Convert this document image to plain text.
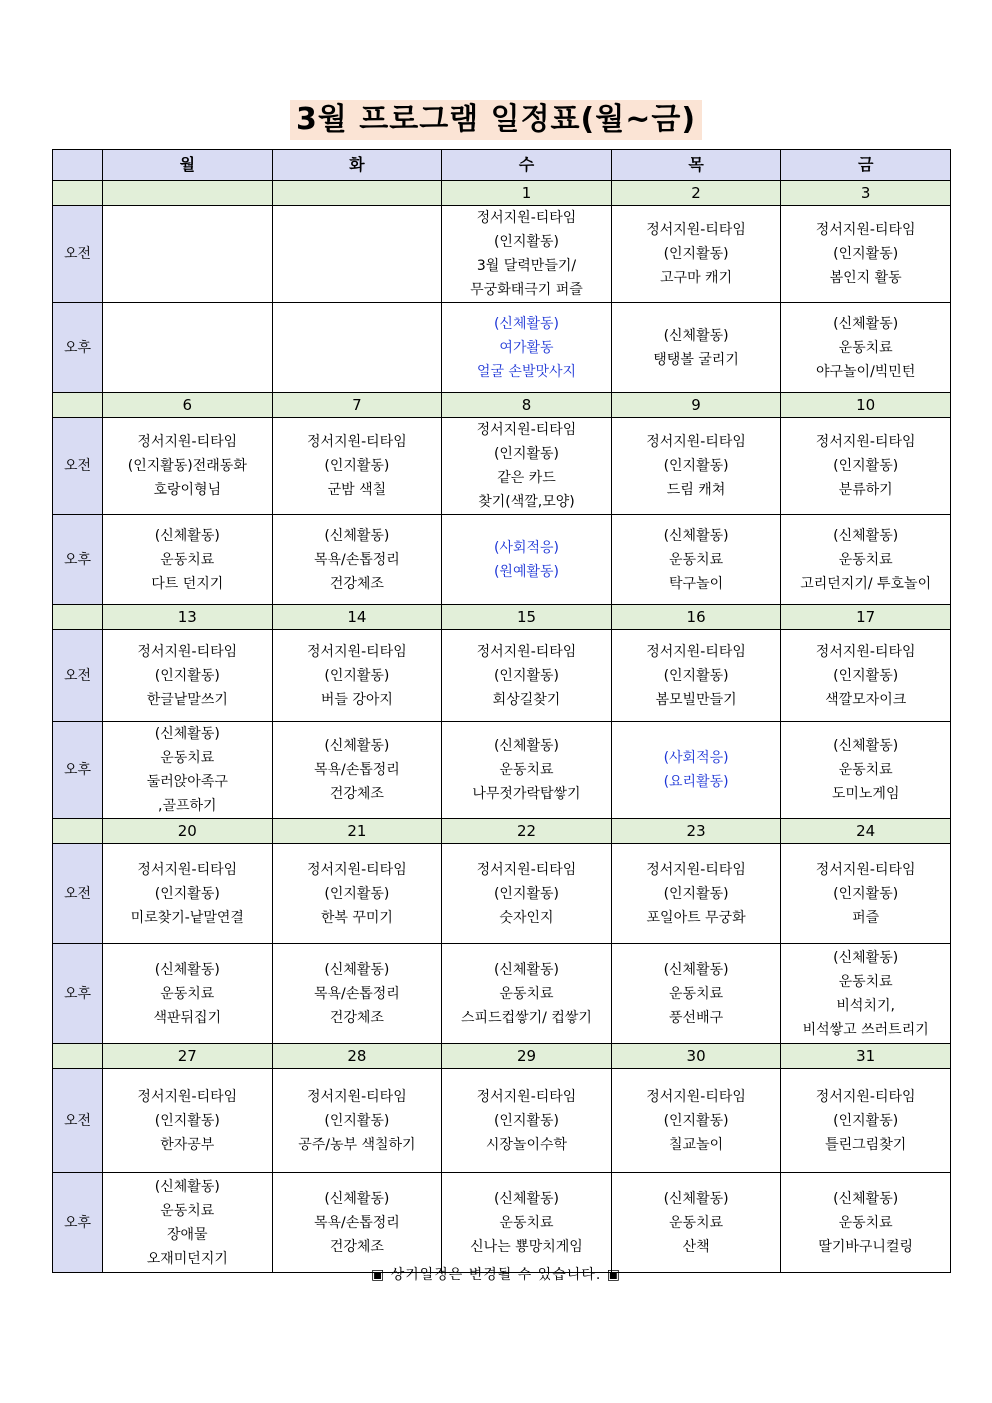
3월 프로그램 일정표(월~금)
	월	화	수	목	금
			1	2	3
오전			정서지원-티타임
(인지활동)
3월 달력만들기/
무궁화태극기 퍼즐	정서지원-티타임
(인지활동)
고구마 캐기	정서지원-티타임
(인지활동)
봄인지 활동

오후			(신체활동)
여가활동
얼굴 손발맛사지	(신체활동)
탱탱볼 굴리기	(신체활동)
운동치료
야구놀이/빅민턴

	6	7	8	9	10
오전	정서지원-티타임
(인지활동)전래동화
호랑이형님	정서지원-티타임
(인지활동)
군밤 색칠	정서지원-티타임
(인지활동)
같은 카드
찾기(색깔,모양)	정서지원-티타임
(인지활동)
드림 캐쳐	정서지원-티타임
(인지활동)
분류하기

오후	(신체활동)
운동치료
다트 던지기	(신체활동)
목욕/손톱정리
건강체조	(사회적응)
(원예활동)	(신체활동)
운동치료
탁구놀이	(신체활동)
운동치료
고리던지기/ 투호놀이

	13	14	15	16	17
오전	정서지원-티타임
(인지활동)
한글낱말쓰기	정서지원-티타임
(인지활동)
버들 강아지	정서지원-티타임
(인지활동)
회상길찾기	정서지원-티타임
(인지활동)
봄모빌만들기	정서지원-티타임
(인지활동)
색깔모자이크

오후	(신체활동)
운동치료
둘러앉아족구
,골프하기	(신체활동)
목욕/손톱정리
건강체조	(신체활동)
운동치료
나무젓가락탑쌓기	(사회적응)
(요리활동)	(신체활동)
운동치료
도미노게임

	20	21	22	23	24
오전	정서지원-티타임
(인지활동)
미로찾기-낱말연결	정서지원-티타임
(인지활동)
한복 꾸미기	정서지원-티타임
(인지활동)
숫자인지	정서지원-티타임
(인지활동)
포일아트 무궁화	정서지원-티타임
(인지활동)
퍼즐

오후	(신체활동)
운동치료
색판뒤집기	(신체활동)
목욕/손톱정리
건강체조	(신체활동)
운동치료
스피드컵쌓기/ 컵쌓기	(신체활동)
운동치료
풍선배구	(신체활동)
운동치료
비석치기,
비석쌓고 쓰러트리기

	27	28	29	30	31
오전	정서지원-티타임
(인지활동)
한자공부	정서지원-티타임
(인지활동)
공주/농부 색칠하기	정서지원-티타임
(인지활동)
시장놀이수학	정서지원-티타임
(인지활동)
칠교놀이	정서지원-티타임
(인지활동)
틀린그림찾기

오후	(신체활동)
운동치료
장애물
오재미던지기	(신체활동)
목욕/손톱정리
건강체조	(신체활동)
운동치료
신나는 뿅망치게임	(신체활동)
운동치료
산책	(신체활동)
운동치료
딸기바구니컬링
▣ 상기일정은 변경될 수 있습니다. ▣
